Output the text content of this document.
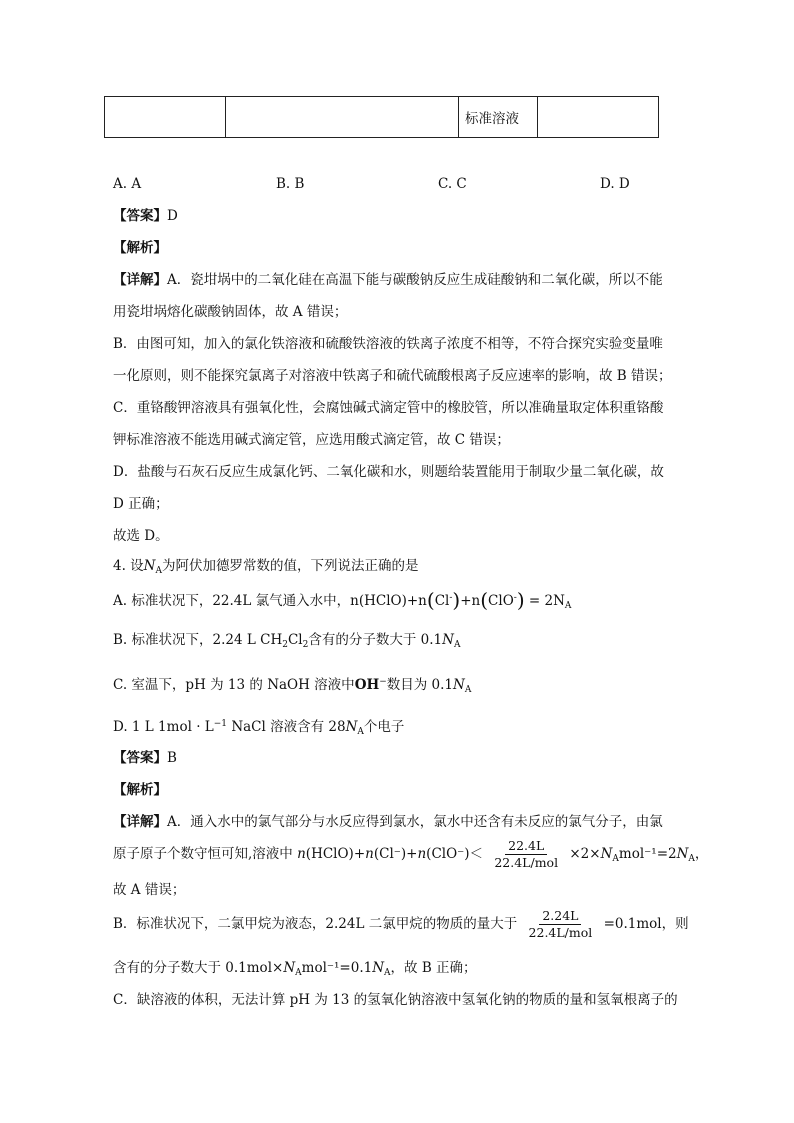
		标准溶液	
A. A	B. B	C. C	D. D
【答案】D
【解析】
【详解】A．瓷坩埚中的二氧化硅在高温下能与碳酸钠反应生成硅酸钠和二氧化碳，所以不能
用瓷坩埚熔化碳酸钠固体，故 A 错误；
B．由图可知，加入的氯化铁溶液和硫酸铁溶液的铁离子浓度不相等，不符合探究实验变量唯
一化原则，则不能探究氯离子对溶液中铁离子和硫代硫酸根离子反应速率的影响，故 B 错误；
C．重铬酸钾溶液具有强氧化性，会腐蚀碱式滴定管中的橡胶管，所以准确量取定体积重铬酸
钾标准溶液不能选用碱式滴定管，应选用酸式滴定管，故 C 错误；
D．盐酸与石灰石反应生成氯化钙、二氧化碳和水，则题给装置能用于制取少量二氧化碳，故
D 正确；
故选 D。
4. 设$N_A$为阿伏加德罗常数的值，下列说法正确的是
A. 标准状况下，22.4L 氯气通入水中，n(HClO)+n(Cl-)+n(ClO-) = $2N_A$
B. 标准状况下，2.24 L $CH_2Cl_2$含有的分子数大于 $0.1N_A$
C. 室温下，pH 为 13 的 NaOH 溶液中OH−数目为 $0.1N_A$
D. 1 L $1mol \cdot L^{-1}$ NaCl 溶液含有 $28N_A$个电子
【答案】B
【解析】
【详解】A．通入水中的氯气部分与水反应得到氯水，氯水中还含有未反应的氯气分子，由氯
原子原子个数守恒可知,溶液中 n(HClO)+n(Cl⁻)+n(ClO⁻)＜ $\frac{22.4L}{\text{22.4L/mol}} \times 2\times N_Amol^{-1}=2N_A$，
故 A 错误；
B．标准状况下，二氯甲烷为液态，2.24L 二氯甲烷的物质的量大于 $\frac{2.24L}{\text{22.4L/mol}} =0.1mol$，则
含有的分子数大于 $0.1mol\times N_Amol^{-1}=0.1N_A$，故 B 正确；
C．缺溶液的体积，无法计算 pH 为 13 的氢氧化钠溶液中氢氧化钠的物质的量和氢氧根离子的
